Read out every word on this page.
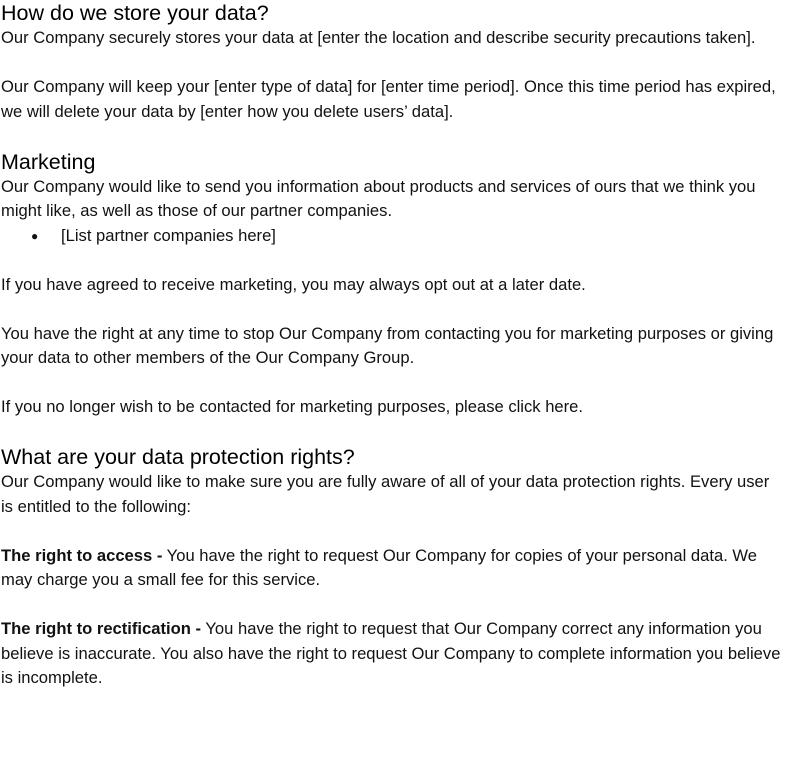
How do we store your data?

Our Company securely stores your data at [enter the location and describe security precautions taken].

Our Company will keep your [enter type of data] for [enter time period]. Once this time period has expired, we will delete your data by [enter how you delete users’ data].

Marketing

Our Company would like to send you information about products and services of ours that we think you might like, as well as those of our partner companies.

● [List partner companies here]

If you have agreed to receive marketing, you may always opt out at a later date.

You have the right at any time to stop Our Company from contacting you for marketing purposes or giving your data to other members of the Our Company Group.

If you no longer wish to be contacted for marketing purposes, please click here.

What are your data protection rights?

Our Company would like to make sure you are fully aware of all of your data protection rights. Every user is entitled to the following:

The right to access - You have the right to request Our Company for copies of your personal data. We may charge you a small fee for this service.

The right to rectification - You have the right to request that Our Company correct any information you believe is inaccurate. You also have the right to request Our Company to complete information you believe is incomplete.
